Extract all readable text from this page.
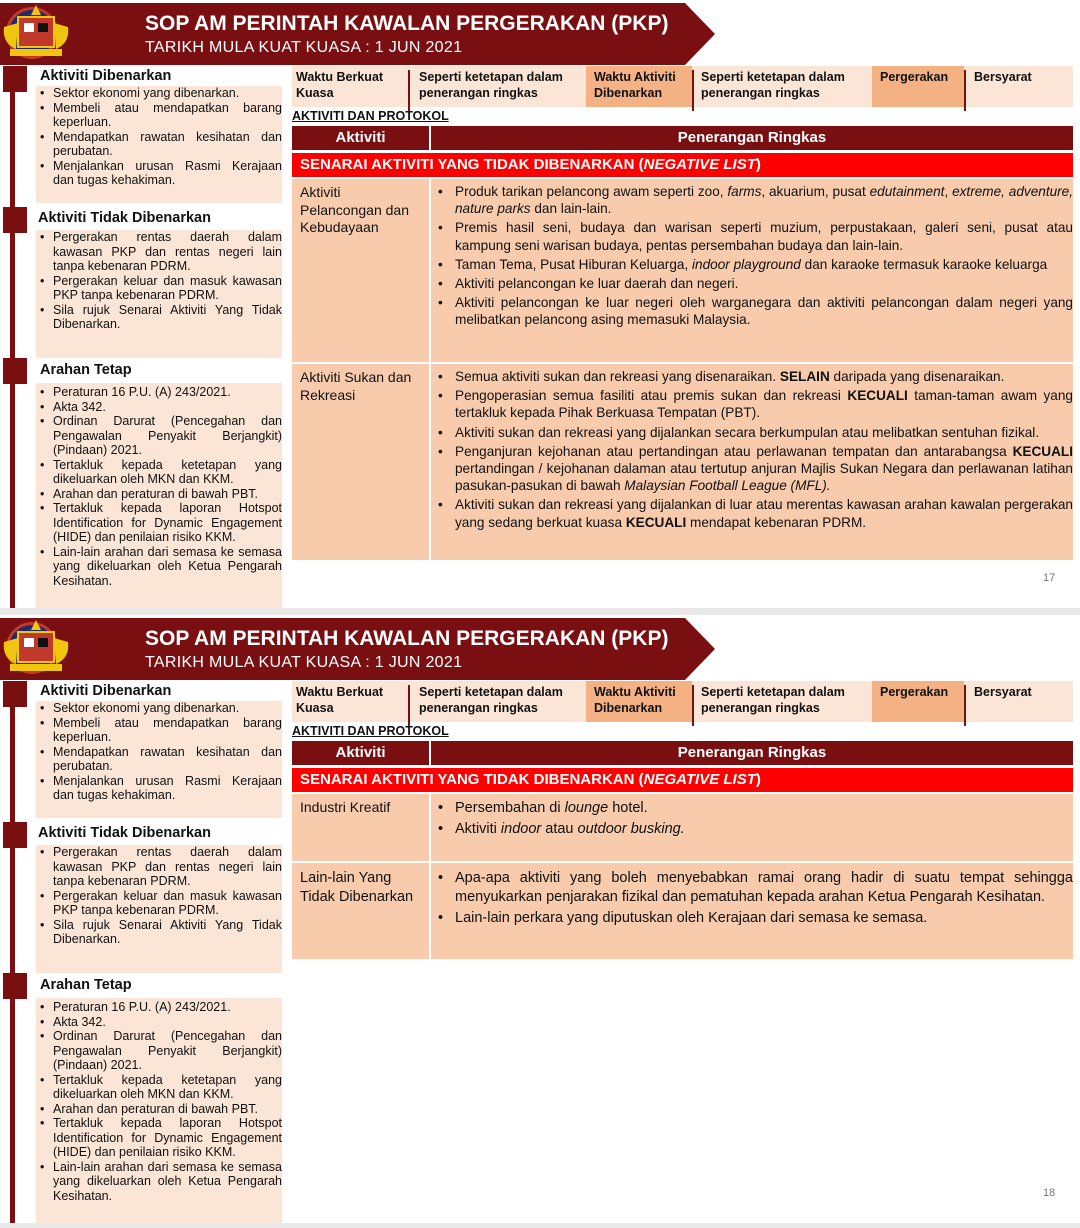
SOP AM PERINTAH KAWALAN PERGERAKAN (PKP)
TARIKH MULA KUAT KUASA : 1 JUN 2021
Aktiviti Dibenarkan
• Sektor ekonomi yang dibenarkan.
• Membeli atau mendapatkan barang keperluan.
• Mendapatkan rawatan kesihatan dan perubatan.
• Menjalankan urusan Rasmi Kerajaan dan tugas kehakiman.
Aktiviti Tidak Dibenarkan
• Pergerakan rentas daerah dalam kawasan PKP dan rentas negeri lain tanpa kebenaran PDRM.
• Pergerakan keluar dan masuk kawasan PKP tanpa kebenaran PDRM.
• Sila rujuk Senarai Aktiviti Yang Tidak Dibenarkan.
Arahan Tetap
• Peraturan 16 P.U. (A) 243/2021.
• Akta 342.
• Ordinan Darurat (Pencegahan dan Pengawalan Penyakit Berjangkit) (Pindaan) 2021.
• Tertakluk kepada ketetapan yang dikeluarkan oleh MKN dan KKM.
• Arahan dan peraturan di bawah PBT.
• Tertakluk kepada laporan Hotspot Identification for Dynamic Engagement (HIDE) dan penilaian risiko KKM.
• Lain-lain arahan dari semasa ke semasa yang dikeluarkan oleh Ketua Pengarah Kesihatan.
Waktu Berkuat Kuasa
Seperti ketetapan dalam penerangan ringkas
Waktu Aktiviti Dibenarkan
Seperti ketetapan dalam penerangan ringkas
Pergerakan Bersyarat
AKTIVITI DAN PROTOKOL
Aktiviti	Penerangan Ringkas
SENARAI AKTIVITI YANG TIDAK DIBENARKAN (NEGATIVE LIST)
Aktiviti Pelancongan dan Kebudayaan
• Produk tarikan pelancong awam seperti zoo, farms, akuarium, pusat edutainment, extreme, adventure, nature parks dan lain-lain.
• Premis hasil seni, budaya dan warisan seperti muzium, perpustakaan, galeri seni, pusat atau kampung seni warisan budaya, pentas persembahan budaya dan lain-lain.
• Taman Tema, Pusat Hiburan Keluarga, indoor playground dan karaoke termasuk karaoke keluarga
• Aktiviti pelancongan ke luar daerah dan negeri.
• Aktiviti pelancongan ke luar negeri oleh warganegara dan aktiviti pelancongan dalam negeri yang melibatkan pelancong asing memasuki Malaysia.
Aktiviti Sukan dan Rekreasi
• Semua aktiviti sukan dan rekreasi yang disenaraikan. SELAIN daripada yang disenaraikan.
• Pengoperasian semua fasiliti atau premis sukan dan rekreasi KECUALI taman-taman awam yang tertakluk kepada Pihak Berkuasa Tempatan (PBT).
• Aktiviti sukan dan rekreasi yang dijalankan secara berkumpulan atau melibatkan sentuhan fizikal.
• Penganjuran kejohanan atau pertandingan atau perlawanan tempatan dan antarabangsa KECUALI pertandingan / kejohanan dalaman atau tertutup anjuran Majlis Sukan Negara dan perlawanan latihan pasukan-pasukan di bawah Malaysian Football League (MFL).
• Aktiviti sukan dan rekreasi yang dijalankan di luar atau merentas kawasan arahan kawalan pergerakan yang sedang berkuat kuasa KECUALI mendapat kebenaran PDRM.
17
SOP AM PERINTAH KAWALAN PERGERAKAN (PKP)
TARIKH MULA KUAT KUASA : 1 JUN 2021
Aktiviti Dibenarkan
• Sektor ekonomi yang dibenarkan.
• Membeli atau mendapatkan barang keperluan.
• Mendapatkan rawatan kesihatan dan perubatan.
• Menjalankan urusan Rasmi Kerajaan dan tugas kehakiman.
Aktiviti Tidak Dibenarkan
• Pergerakan rentas daerah dalam kawasan PKP dan rentas negeri lain tanpa kebenaran PDRM.
• Pergerakan keluar dan masuk kawasan PKP tanpa kebenaran PDRM.
• Sila rujuk Senarai Aktiviti Yang Tidak Dibenarkan.
Arahan Tetap
• Peraturan 16 P.U. (A) 243/2021.
• Akta 342.
• Ordinan Darurat (Pencegahan dan Pengawalan Penyakit Berjangkit) (Pindaan) 2021.
• Tertakluk kepada ketetapan yang dikeluarkan oleh MKN dan KKM.
• Arahan dan peraturan di bawah PBT.
• Tertakluk kepada laporan Hotspot Identification for Dynamic Engagement (HIDE) dan penilaian risiko KKM.
• Lain-lain arahan dari semasa ke semasa yang dikeluarkan oleh Ketua Pengarah Kesihatan.
Waktu Berkuat Kuasa
Seperti ketetapan dalam penerangan ringkas
Waktu Aktiviti Dibenarkan
Seperti ketetapan dalam penerangan ringkas
Pergerakan Bersyarat
AKTIVITI DAN PROTOKOL
Aktiviti	Penerangan Ringkas
SENARAI AKTIVITI YANG TIDAK DIBENARKAN (NEGATIVE LIST)
Industri Kreatif
•	Persembahan di lounge hotel.
• Aktiviti indoor atau outdoor busking.
Lain-lain Yang Tidak Dibenarkan
• Apa-apa aktiviti yang boleh menyebabkan ramai orang hadir di suatu tempat sehingga menyukarkan penjarakan fizikal dan pematuhan kepada arahan Ketua Pengarah Kesihatan.
• Lain-lain perkara yang diputuskan oleh Kerajaan dari semasa ke semasa.
18
